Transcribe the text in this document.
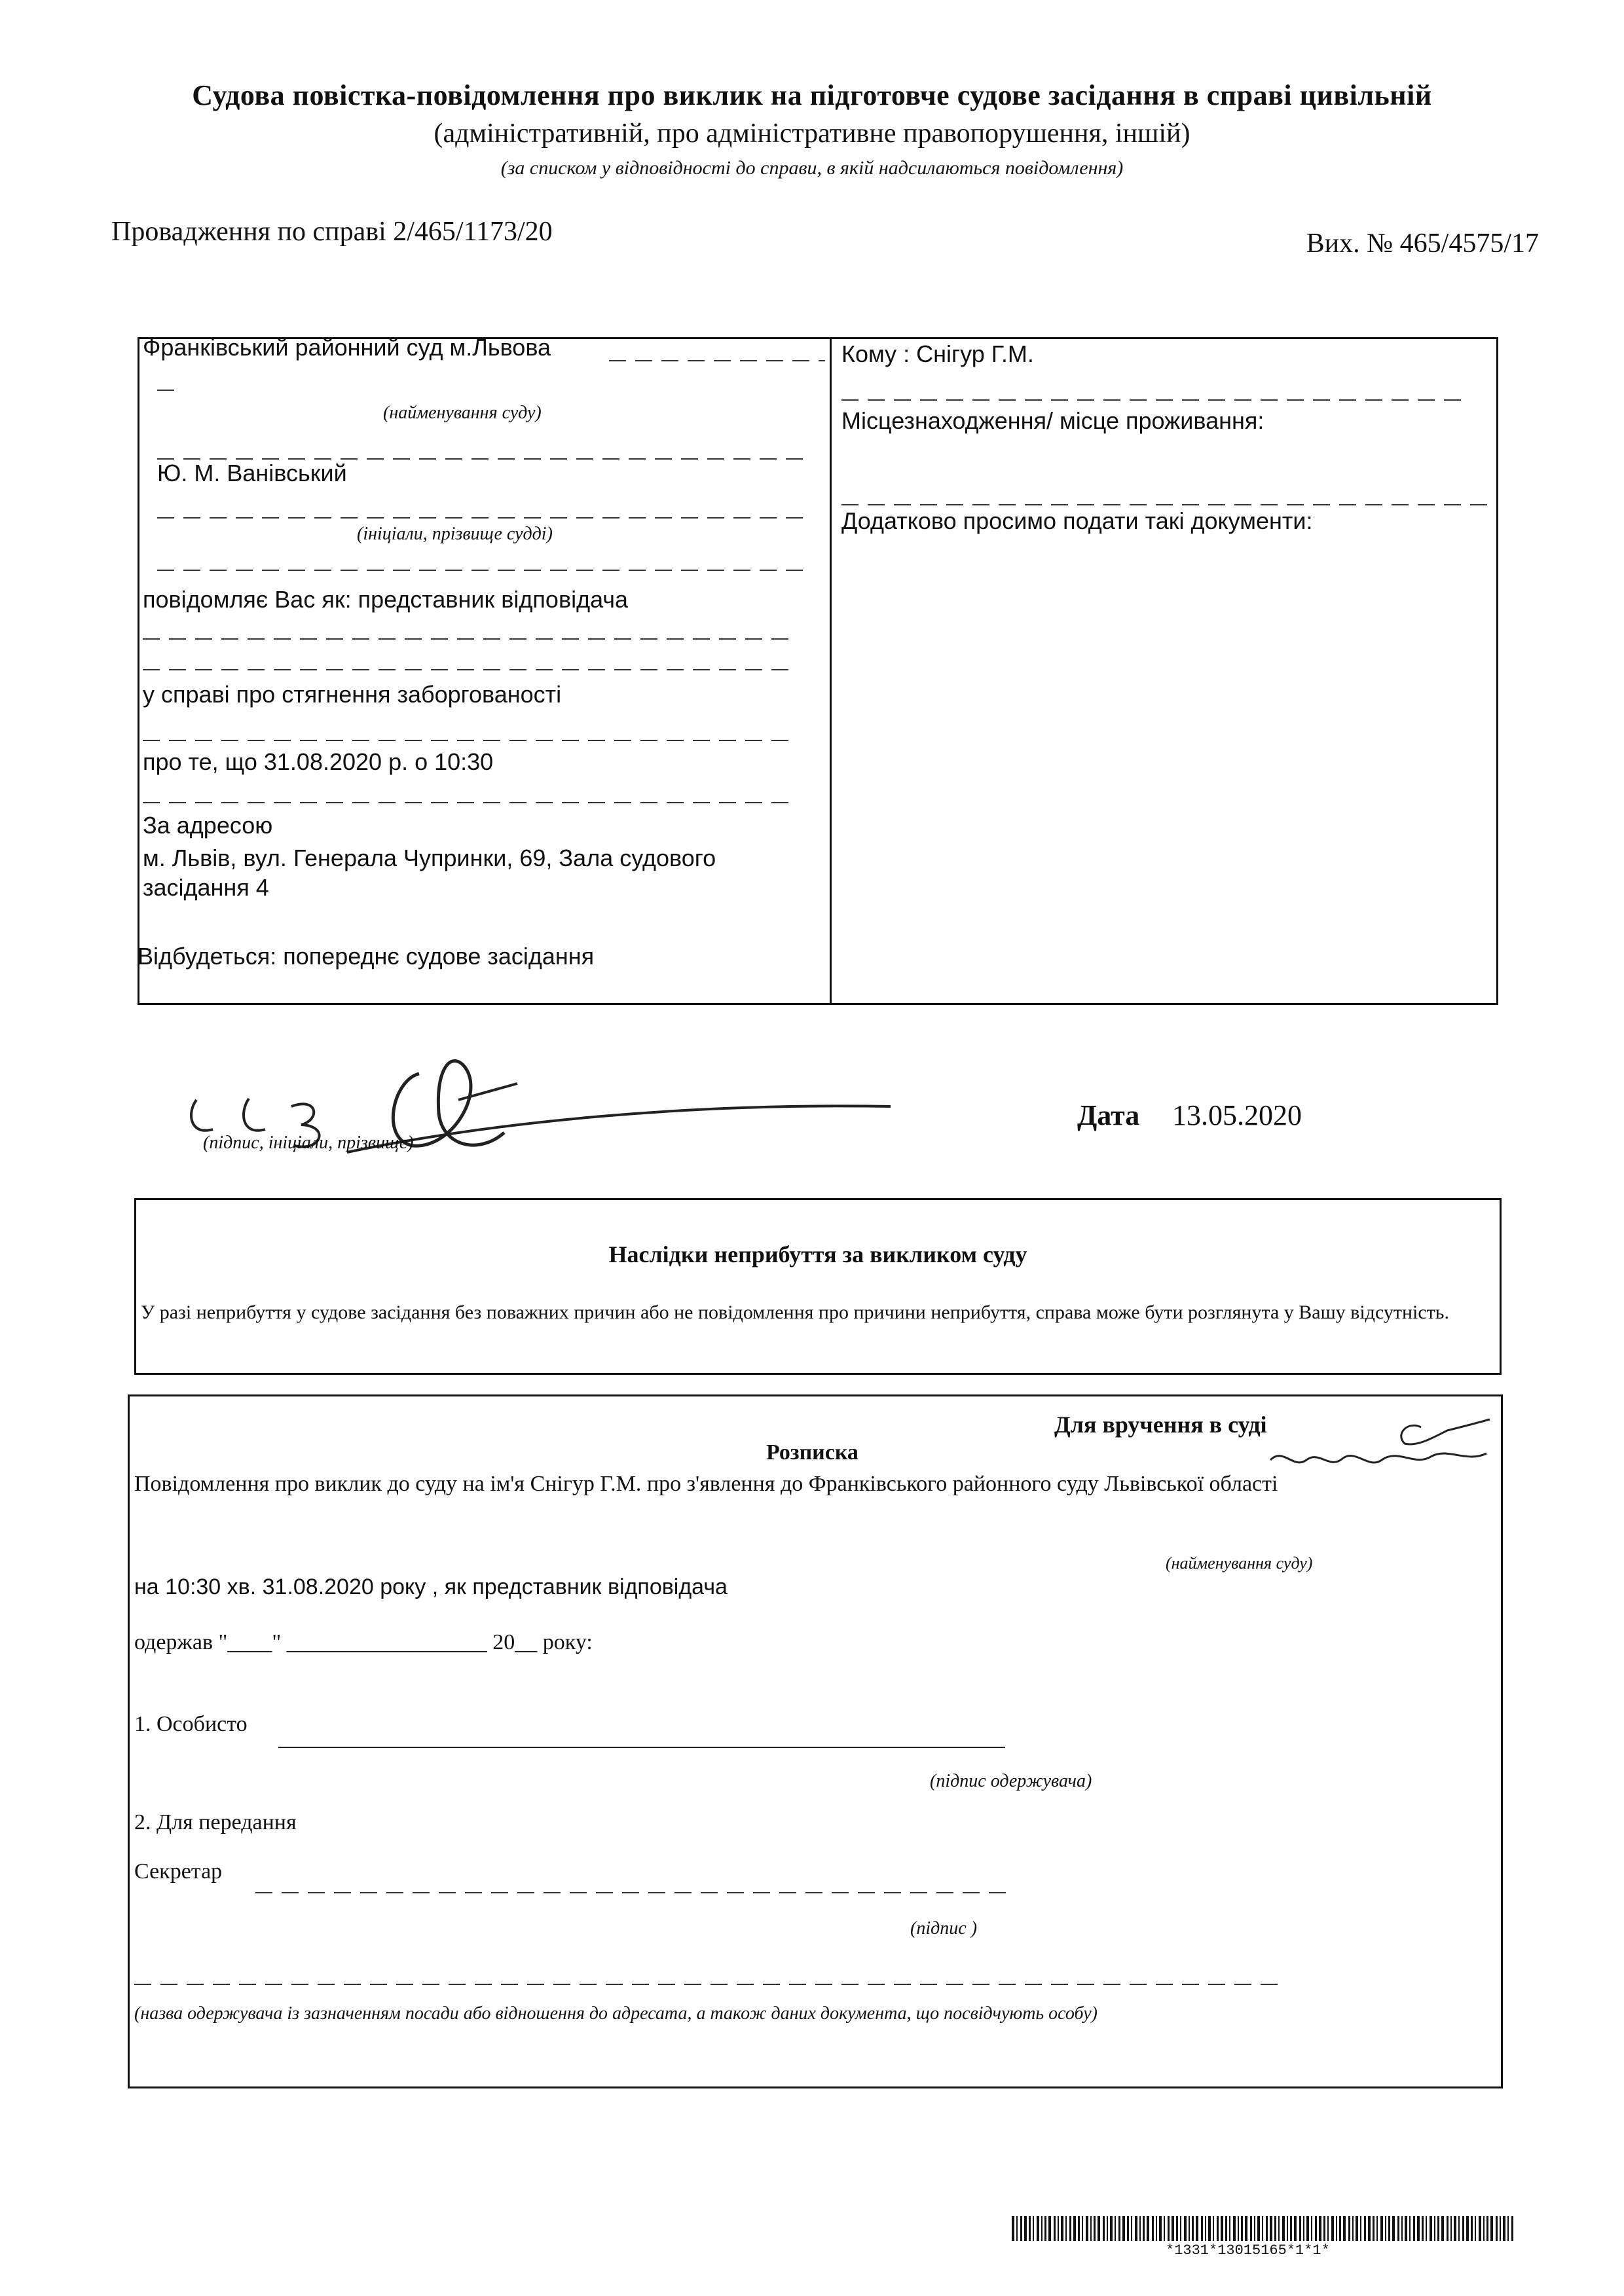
Судова повістка-повідомлення про виклик на підготовче судове засідання в справі цивільній
(адміністративній, про адміністративне правопорушення, іншій)
(за списком у відповідності до справи, в якій надсилаються повідомлення)
Провадження по справі 2/465/1173/20	Вих. № 465/4575/17
Франківський районний суд м.Львова
(найменування суду)
Ю. М. Ванівський
(ініціали, прізвище судді)
повідомляє Вас як: представник відповідача
у справі про стягнення заборгованості
про те, що 31.08.2020 р. о 10:30
За адресою
м. Львів, вул. Генерала Чупринки, 69, Зала судового
засідання 4
Відбудеться: попереднє судове засідання
Кому : Снігур Г.М.
Місцезнаходження/ місце проживання:
Додатково просимо подати такі документи:
(підпис, ініціали, прізвище)
Дата 13.05.2020
Наслідки неприбуття за викликом суду
У разі неприбуття у судове засідання без поважних причин або не повідомлення про причини неприбуття, справа може бути розглянута у Вашу відсутність.
Для вручення в суді
Розписка
Повідомлення про виклик до суду на ім'я Снігур Г.М. про з'явлення до Франківського районного суду Львівської області
(найменування суду)
на 10:30 хв. 31.08.2020 року , як представник відповідача
одержав "____" __________________ 20__ року:
1. Особисто
(підпис одержувача)
2. Для передання
Секретар
(підпис )
(назва одержувача із зазначенням посади або відношення до адресата, а також даних документа, що посвідчують особу)
*1331*13015165*1*1*
